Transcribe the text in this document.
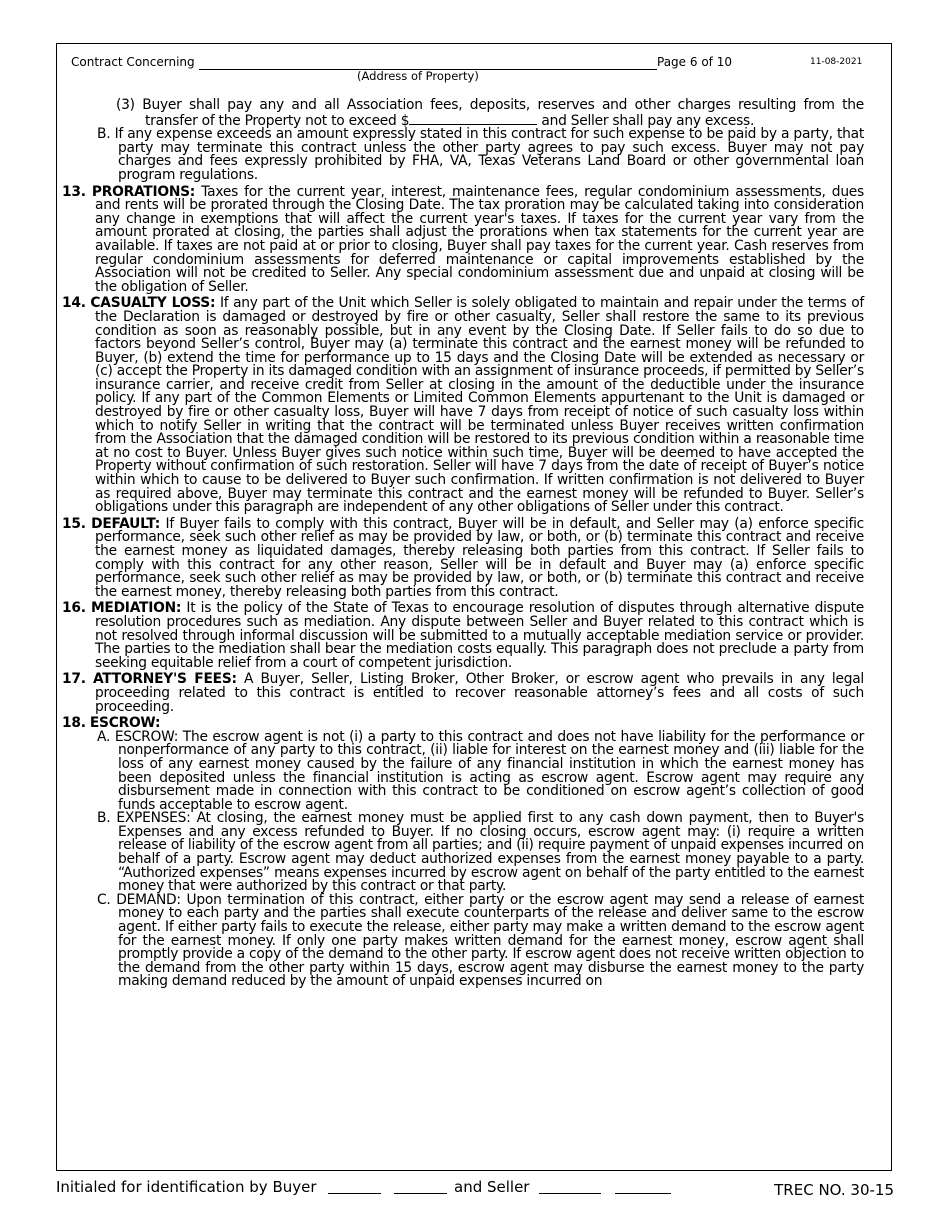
Contract Concerning
(Address of Property)
Page 6 of 10	11-08-2021

(3) Buyer shall pay any and all Association fees, deposits, reserves and other charges resulting from the transfer of the Property not to exceed $	and Seller shall pay any excess.

B. If any expense exceeds an amount expressly stated in this contract for such expense to be paid by a party, that party may terminate this contract unless the other party agrees to pay such excess. Buyer may not pay charges and fees expressly prohibited by FHA, VA, Texas Veterans Land Board or other governmental loan program regulations.

13. PRORATIONS: Taxes for the current year, interest, maintenance fees, regular condominium assessments, dues and rents will be prorated through the Closing Date. The tax proration may be calculated taking into consideration any change in exemptions that will affect the current year's taxes. If taxes for the current year vary from the amount prorated at closing, the parties shall adjust the prorations when tax statements for the current year are available. If taxes are not paid at or prior to closing, Buyer shall pay taxes for the current year. Cash reserves from regular condominium assessments for deferred maintenance or capital improvements established by the Association will not be credited to Seller. Any special condominium assessment due and unpaid at closing will be the obligation of Seller.

14. CASUALTY LOSS: If any part of the Unit which Seller is solely obligated to maintain and repair under the terms of the Declaration is damaged or destroyed by fire or other casualty, Seller shall restore the same to its previous condition as soon as reasonably possible, but in any event by the Closing Date. If Seller fails to do so due to factors beyond Seller’s control, Buyer may (a) terminate this contract and the earnest money will be refunded to Buyer, (b) extend the time for performance up to 15 days and the Closing Date will be extended as necessary or (c) accept the Property in its damaged condition with an assignment of insurance proceeds, if permitted by Seller’s insurance carrier, and receive credit from Seller at closing in the amount of the deductible under the insurance policy. If any part of the Common Elements or Limited Common Elements appurtenant to the Unit is damaged or destroyed by fire or other casualty loss, Buyer will have 7 days from receipt of notice of such casualty loss within which to notify Seller in writing that the contract will be terminated unless Buyer receives written confirmation from the Association that the damaged condition will be restored to its previous condition within a reasonable time at no cost to Buyer. Unless Buyer gives such notice within such time, Buyer will be deemed to have accepted the Property without confirmation of such restoration. Seller will have 7 days from the date of receipt of Buyer’s notice within which to cause to be delivered to Buyer such confirmation. If written confirmation is not delivered to Buyer as required above, Buyer may terminate this contract and the earnest money will be refunded to Buyer. Seller’s obligations under this paragraph are independent of any other obligations of Seller under this contract.

15. DEFAULT: If Buyer fails to comply with this contract, Buyer will be in default, and Seller may (a) enforce specific performance, seek such other relief as may be provided by law, or both, or (b) terminate this contract and receive the earnest money as liquidated damages, thereby releasing both parties from this contract. If Seller fails to comply with this contract for any other reason, Seller will be in default and Buyer may (a) enforce specific performance, seek such other relief as may be provided by law, or both, or (b) terminate this contract and receive the earnest money, thereby releasing both parties from this contract.

16. MEDIATION: It is the policy of the State of Texas to encourage resolution of disputes through alternative dispute resolution procedures such as mediation. Any dispute between Seller and Buyer related to this contract which is not resolved through informal discussion will be submitted to a mutually acceptable mediation service or provider. The parties to the mediation shall bear the mediation costs equally. This paragraph does not preclude a party from seeking equitable relief from a court of competent jurisdiction.

17. ATTORNEY'S FEES: A Buyer, Seller, Listing Broker, Other Broker, or escrow agent who prevails in any legal proceeding related to this contract is entitled to recover reasonable attorney’s fees and all costs of such proceeding.

18. ESCROW:

A. ESCROW: The escrow agent is not (i) a party to this contract and does not have liability for the performance or nonperformance of any party to this contract, (ii) liable for interest on the earnest money and (iii) liable for the loss of any earnest money caused by the failure of any financial institution in which the earnest money has been deposited unless the financial institution is acting as escrow agent. Escrow agent may require any disbursement made in connection with this contract to be conditioned on escrow agent’s collection of good funds acceptable to escrow agent.

B. EXPENSES: At closing, the earnest money must be applied first to any cash down payment, then to Buyer's Expenses and any excess refunded to Buyer. If no closing occurs, escrow agent may: (i) require a written release of liability of the escrow agent from all parties; and (ii) require payment of unpaid expenses incurred on behalf of a party. Escrow agent may deduct authorized expenses from the earnest money payable to a party. “Authorized expenses” means expenses incurred by escrow agent on behalf of the party entitled to the earnest money that were authorized by this contract or that party.

C. DEMAND: Upon termination of this contract, either party or the escrow agent may send a release of earnest money to each party and the parties shall execute counterparts of the release and deliver same to the escrow agent. If either party fails to execute the release, either party may make a written demand to the escrow agent for the earnest money. If only one party makes written demand for the earnest money, escrow agent shall promptly provide a copy of the demand to the other party. If escrow agent does not receive written objection to the demand from the other party within 15 days, escrow agent may disburse the earnest money to the party making demand reduced by the amount of unpaid expenses incurred on

Initialed for identification by Buyer	and Seller	TREC NO. 30-15
